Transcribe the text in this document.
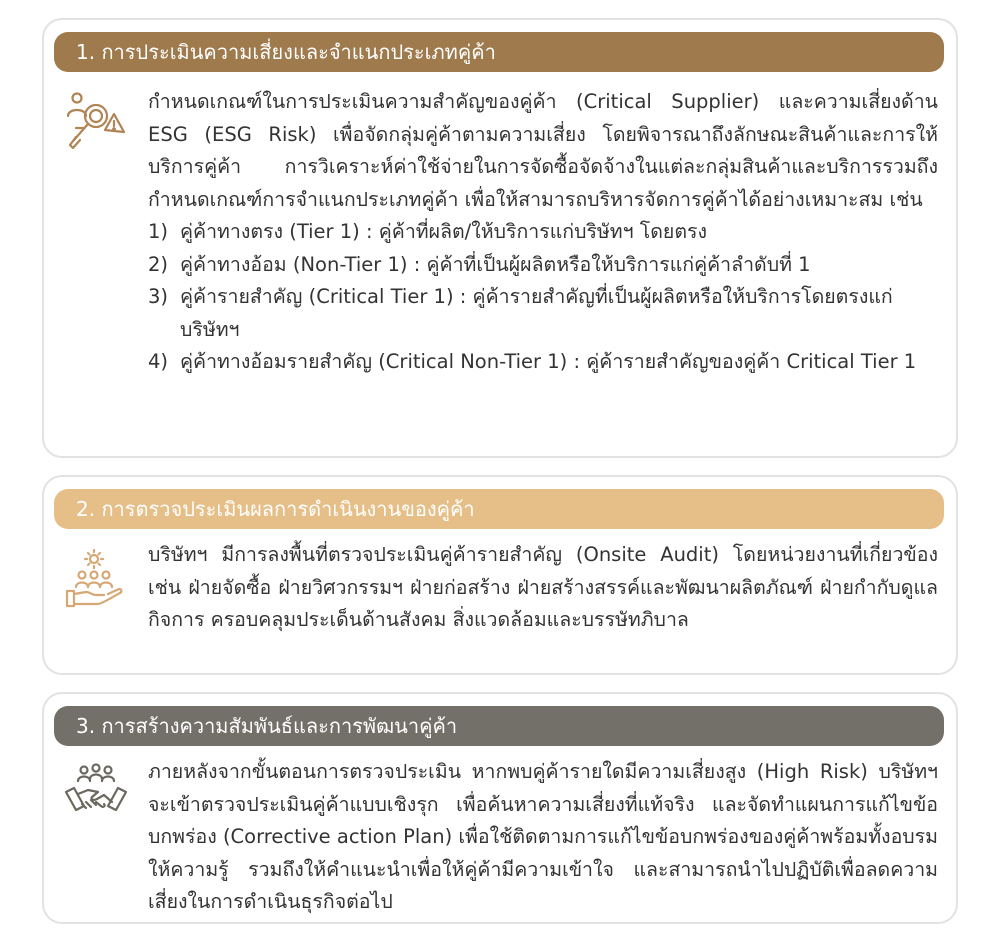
1. การประเมินความเสี่ยงและจำแนกประเภทคู่ค้า

กำหนดเกณฑ์ในการประเมินความสำคัญของคู่ค้า (Critical Supplier) และความเสี่ยงด้าน ESG (ESG Risk) เพื่อจัดกลุ่มคู่ค้าตามความเสี่ยง โดยพิจารณาถึงลักษณะสินค้าและการให้บริการคู่ค้า การวิเคราะห์ค่าใช้จ่ายในการจัดซื้อจัดจ้างในแต่ละกลุ่มสินค้าและบริการรวมถึงกำหนดเกณฑ์การจำแนกประเภทคู่ค้า เพื่อให้สามารถบริหารจัดการคู่ค้าได้อย่างเหมาะสม เช่น

1) คู่ค้าทางตรง (Tier 1) : คู่ค้าที่ผลิต/ให้บริการแก่บริษัทฯ โดยตรง
2) คู่ค้าทางอ้อม (Non-Tier 1) : คู่ค้าที่เป็นผู้ผลิตหรือให้บริการแก่คู่ค้าลำดับที่ 1
3) คู่ค้ารายสำคัญ (Critical Tier 1) : คู่ค้ารายสำคัญที่เป็นผู้ผลิตหรือให้บริการโดยตรงแก่บริษัทฯ
4) คู่ค้าทางอ้อมรายสำคัญ (Critical Non-Tier 1) : คู่ค้ารายสำคัญของคู่ค้า Critical Tier 1
2. การตรวจประเมินผลการดำเนินงานของคู่ค้า

บริษัทฯ มีการลงพื้นที่ตรวจประเมินคู่ค้ารายสำคัญ (Onsite Audit) โดยหน่วยงานที่เกี่ยวข้อง เช่น ฝ่ายจัดซื้อ ฝ่ายวิศวกรรมฯ ฝ่ายก่อสร้าง ฝ่ายสร้างสรรค์และพัฒนาผลิตภัณฑ์ ฝ่ายกำกับดูแลกิจการ ครอบคลุมประเด็นด้านสังคม สิ่งแวดล้อมและบรรษัทภิบาล

3. การสร้างความสัมพันธ์และการพัฒนาคู่ค้า

ภายหลังจากขั้นตอนการตรวจประเมิน หากพบคู่ค้ารายใดมีความเสี่ยงสูง (High Risk) บริษัทฯ จะเข้าตรวจประเมินคู่ค้าแบบเชิงรุก เพื่อค้นหาความเสี่ยงที่แท้จริง และจัดทำแผนการแก้ไขข้อบกพร่อง (Corrective action Plan) เพื่อใช้ติดตามการแก้ไขข้อบกพร่องของคู่ค้าพร้อมทั้งอบรม ให้ความรู้ รวมถึงให้คำแนะนำเพื่อให้คู่ค้ามีความเข้าใจ และสามารถนำไปปฏิบัติเพื่อลดความเสี่ยงในการดำเนินธุรกิจต่อไป
